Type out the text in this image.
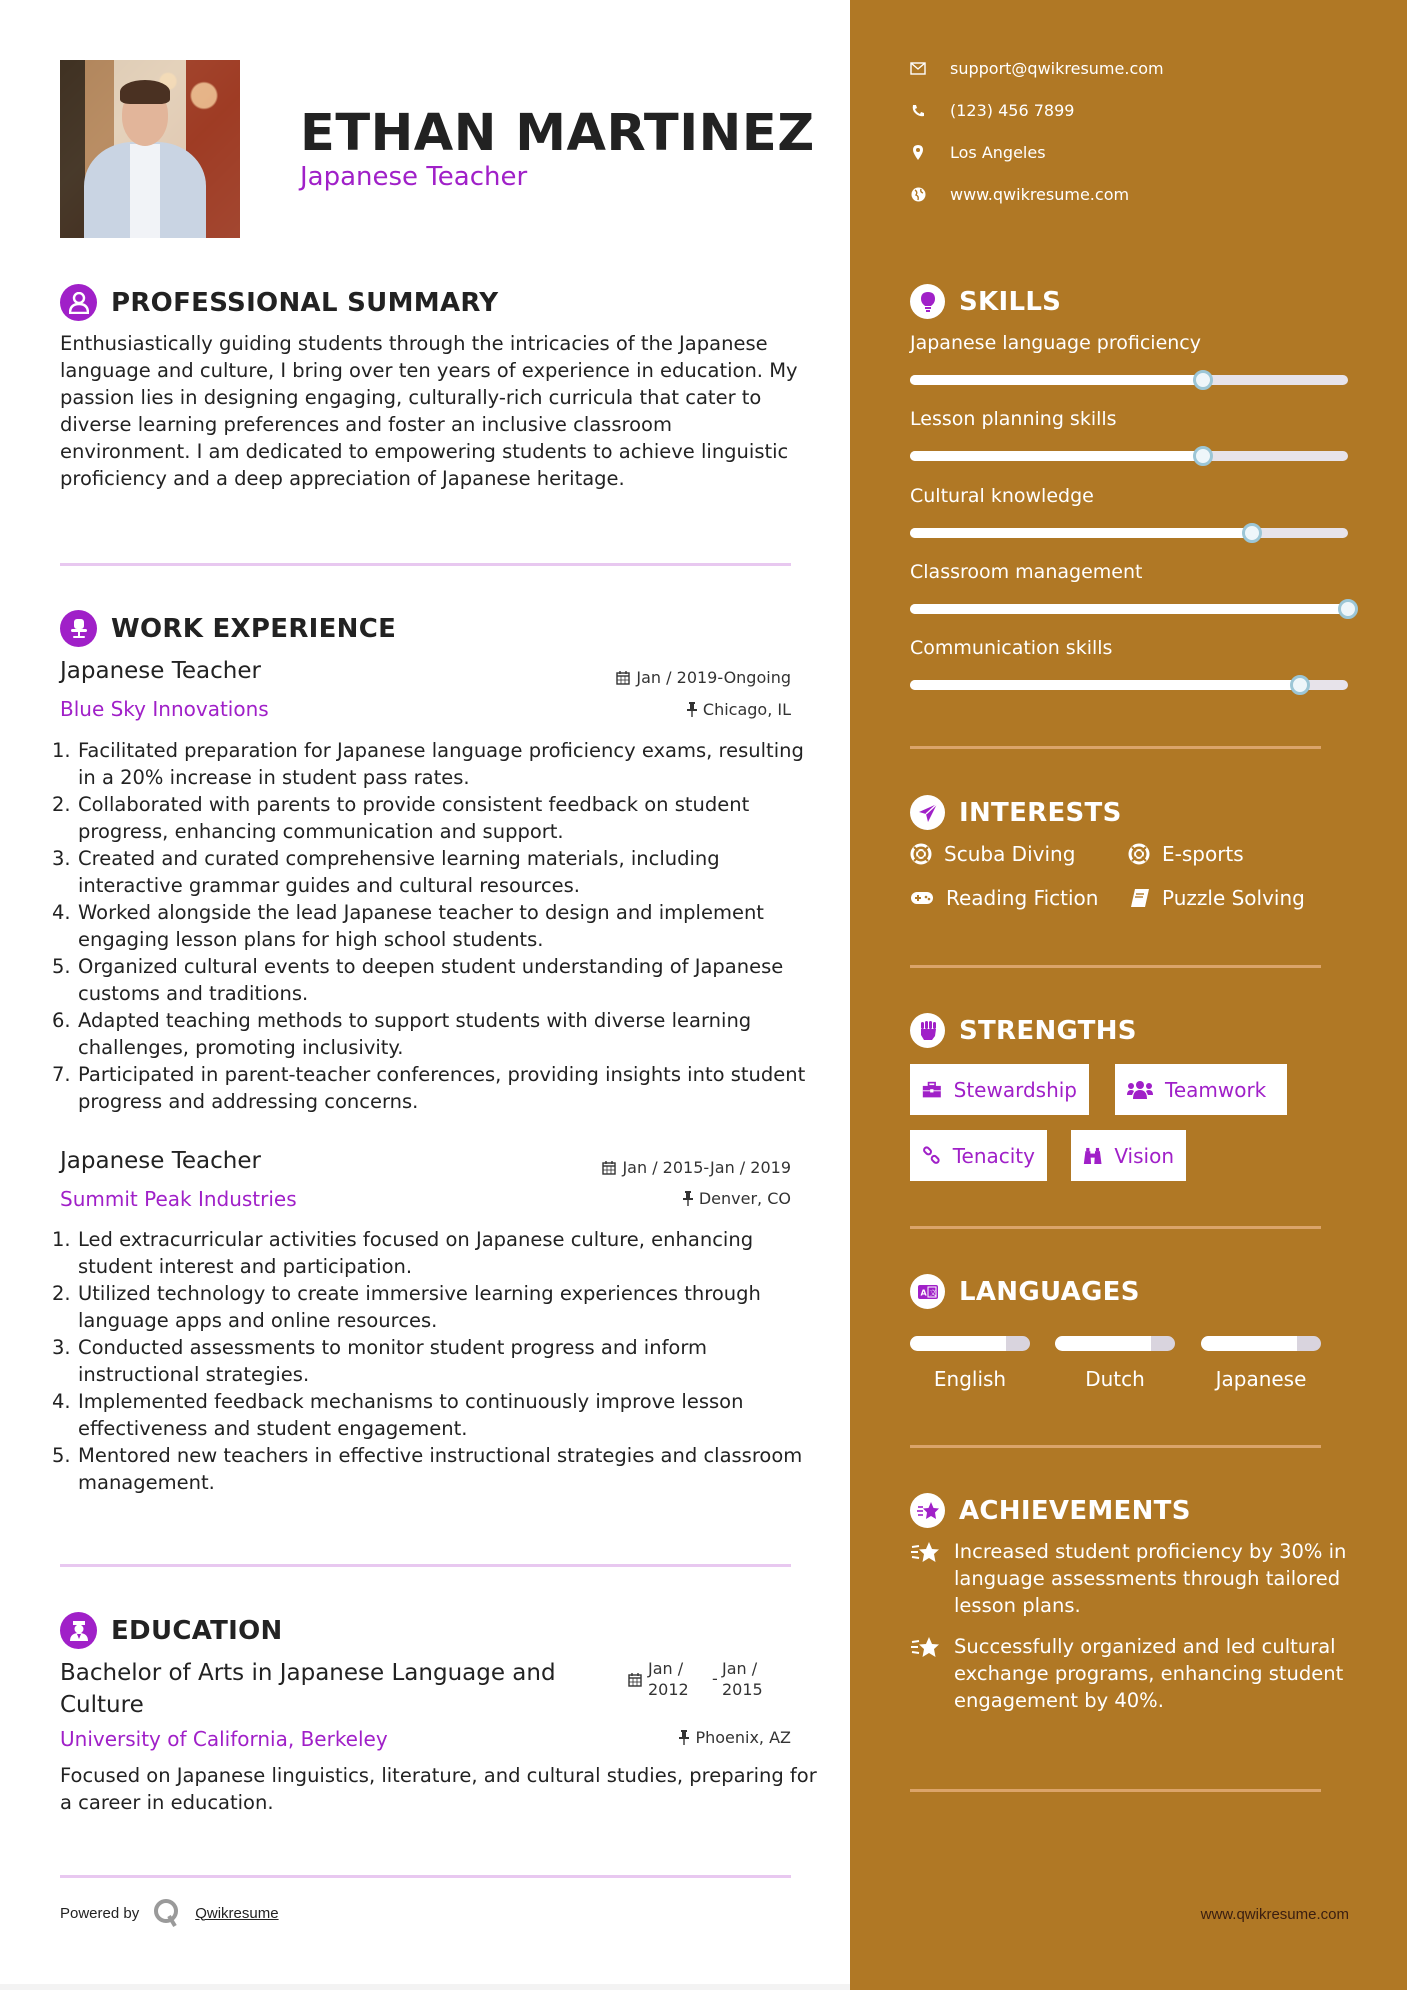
ETHAN MARTINEZ
Japanese Teacher
PROFESSIONAL SUMMARY
Enthusiastically guiding students through the intricacies of the Japanese language and culture, I bring over ten years of experience in education. My passion lies in designing engaging, culturally-rich curricula that cater to diverse learning preferences and foster an inclusive classroom environment. I am dedicated to empowering students to achieve linguistic proficiency and a deep appreciation of Japanese heritage.
WORK EXPERIENCE
Japanese Teacher	Jan / 2019-Ongoing
Blue Sky Innovations	Chicago, IL
1. Facilitated preparation for Japanese language proficiency exams, resulting in a 20% increase in student pass rates.
2. Collaborated with parents to provide consistent feedback on student progress, enhancing communication and support.
3. Created and curated comprehensive learning materials, including interactive grammar guides and cultural resources.
4. Worked alongside the lead Japanese teacher to design and implement engaging lesson plans for high school students.
5. Organized cultural events to deepen student understanding of Japanese customs and traditions.
6. Adapted teaching methods to support students with diverse learning challenges, promoting inclusivity.
7. Participated in parent-teacher conferences, providing insights into student progress and addressing concerns.
Japanese Teacher	Jan / 2015-Jan / 2019
Summit Peak Industries	Denver, CO
1. Led extracurricular activities focused on Japanese culture, enhancing student interest and participation.
2. Utilized technology to create immersive learning experiences through language apps and online resources.
3. Conducted assessments to monitor student progress and inform instructional strategies.
4. Implemented feedback mechanisms to continuously improve lesson effectiveness and student engagement.
5. Mentored new teachers in effective instructional strategies and classroom management.
EDUCATION
Bachelor of Arts in Japanese Language and Culture
Jan /
2012
-
Jan /
2015
University of California, Berkeley	Phoenix, AZ
Focused on Japanese linguistics, literature, and cultural studies, preparing for a career in education.
Powered by	Qwikresume
support@qwikresume.com
(123) 456 7899
Los Angeles
www.qwikresume.com
SKILLS
Japanese language proficiency
Lesson planning skills
Cultural knowledge
Classroom management
Communication skills
INTERESTS
Scuba Diving	E-sports
Reading Fiction	Puzzle Solving
STRENGTHS
Stewardship	Teamwork
Tenacity	Vision
A 文 LANGUAGES
English	Dutch	Japanese
ACHIEVEMENTS
Increased student proficiency by 30% in language assessments through tailored lesson plans.
Successfully organized and led cultural exchange programs, enhancing student engagement by 40%.
www.qwikresume.com
